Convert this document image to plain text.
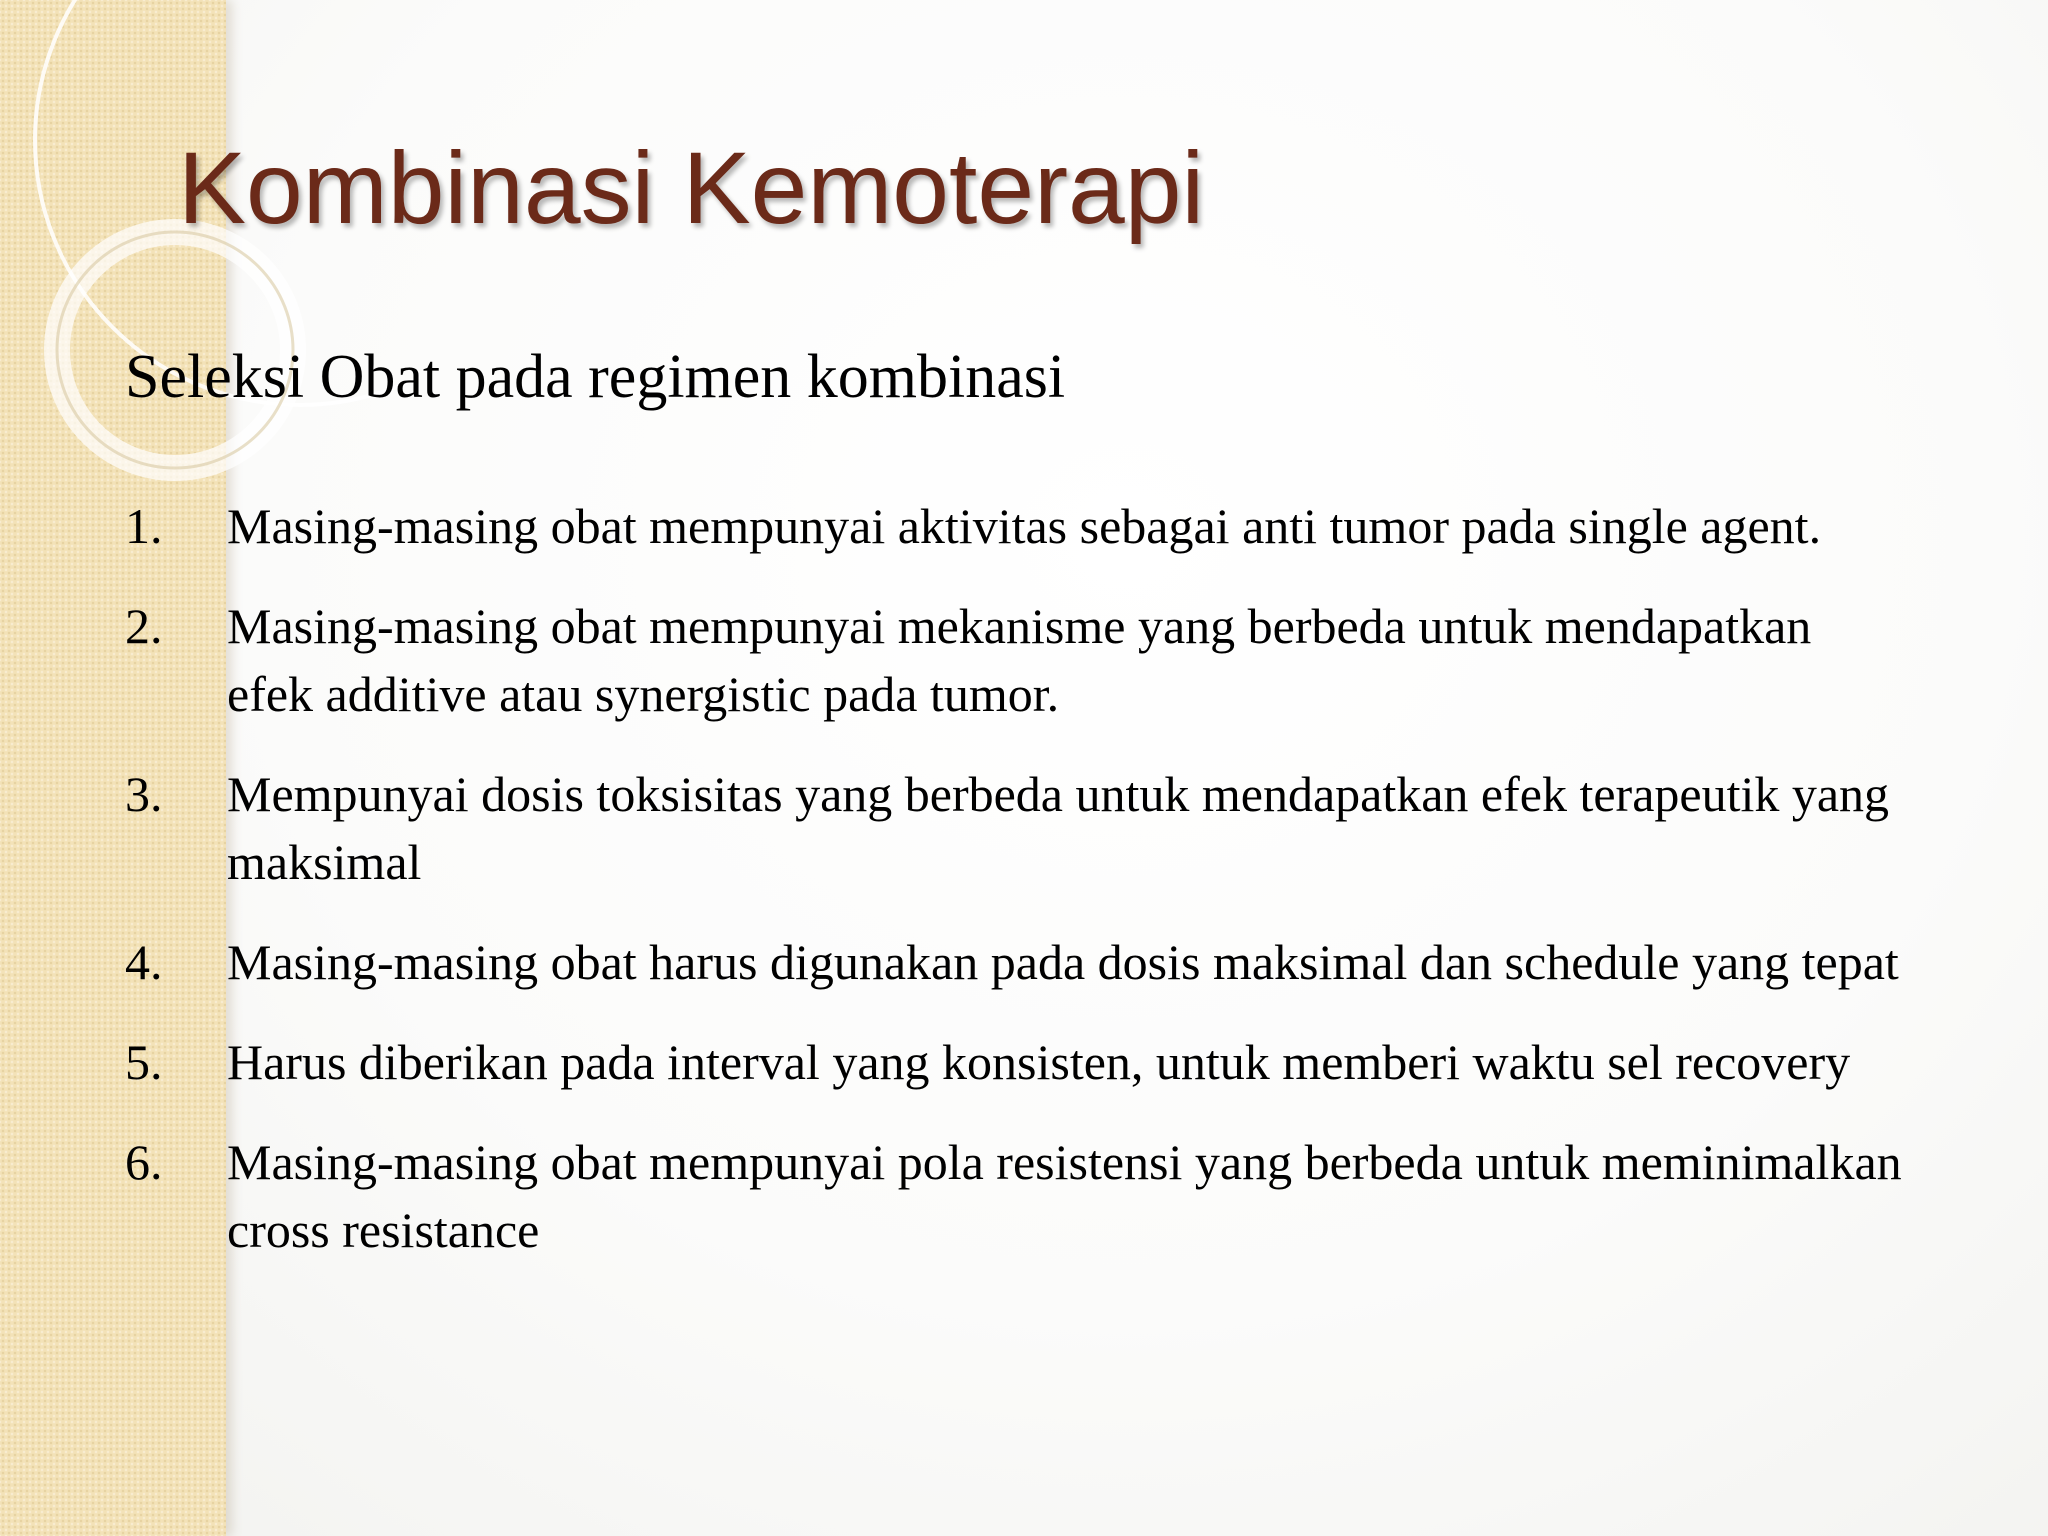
Kombinasi Kemoterapi

Seleksi Obat pada regimen kombinasi

1.	Masing-masing obat mempunyai aktivitas sebagai anti tumor pada single agent.
2.	Masing-masing obat mempunyai mekanisme yang berbeda untuk mendapatkan efek additive atau synergistic pada tumor.
3.	Mempunyai dosis toksisitas yang berbeda untuk mendapatkan efek terapeutik yang maksimal
4.	Masing-masing obat harus digunakan pada dosis maksimal dan schedule yang tepat
5.	Harus diberikan pada interval yang konsisten, untuk memberi waktu sel recovery
6.	Masing-masing obat mempunyai pola resistensi yang berbeda untuk meminimalkan cross resistance
